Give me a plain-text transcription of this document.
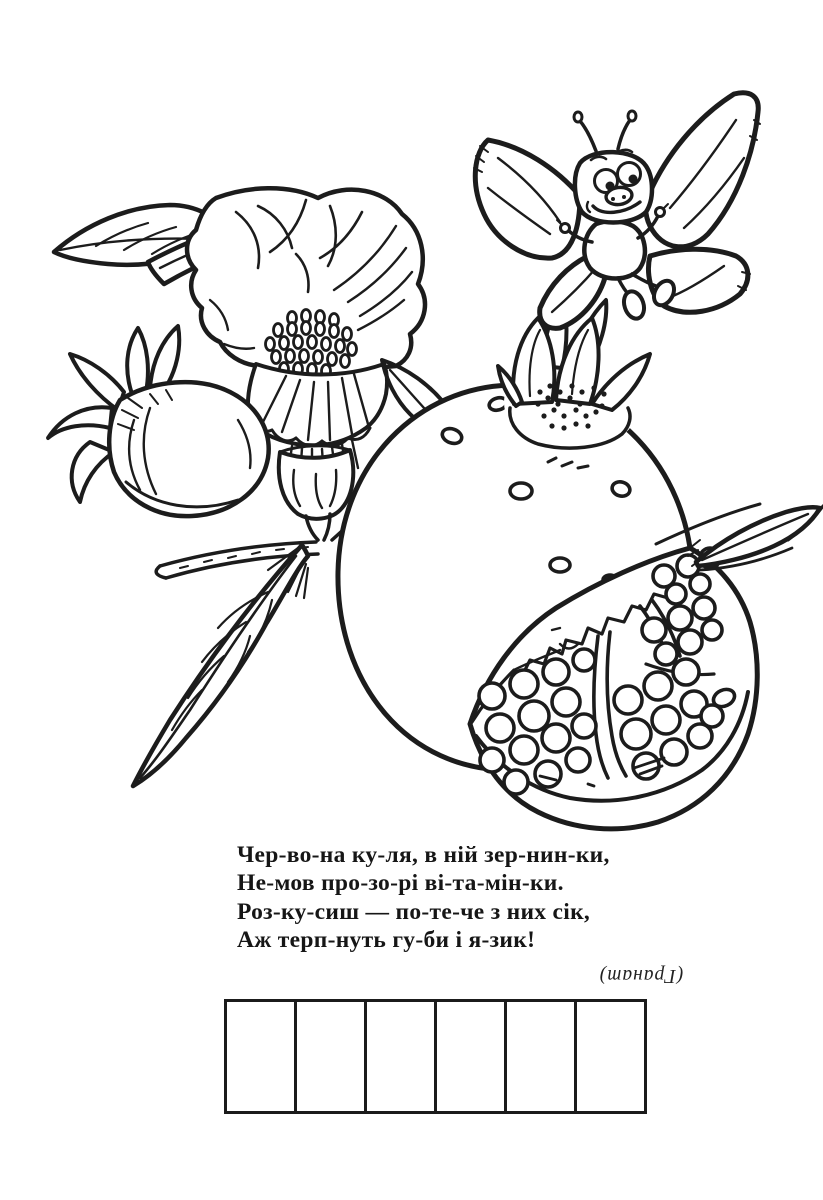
Чер-во-на ку-ля, в ній зер-нин-ки,

Не-мов про-зо-рі ві-та-мін-ки.

Роз-ку-сиш — по-те-че з них сік,

Аж терп-нуть гу-би і я-зик!

(Гранат)
